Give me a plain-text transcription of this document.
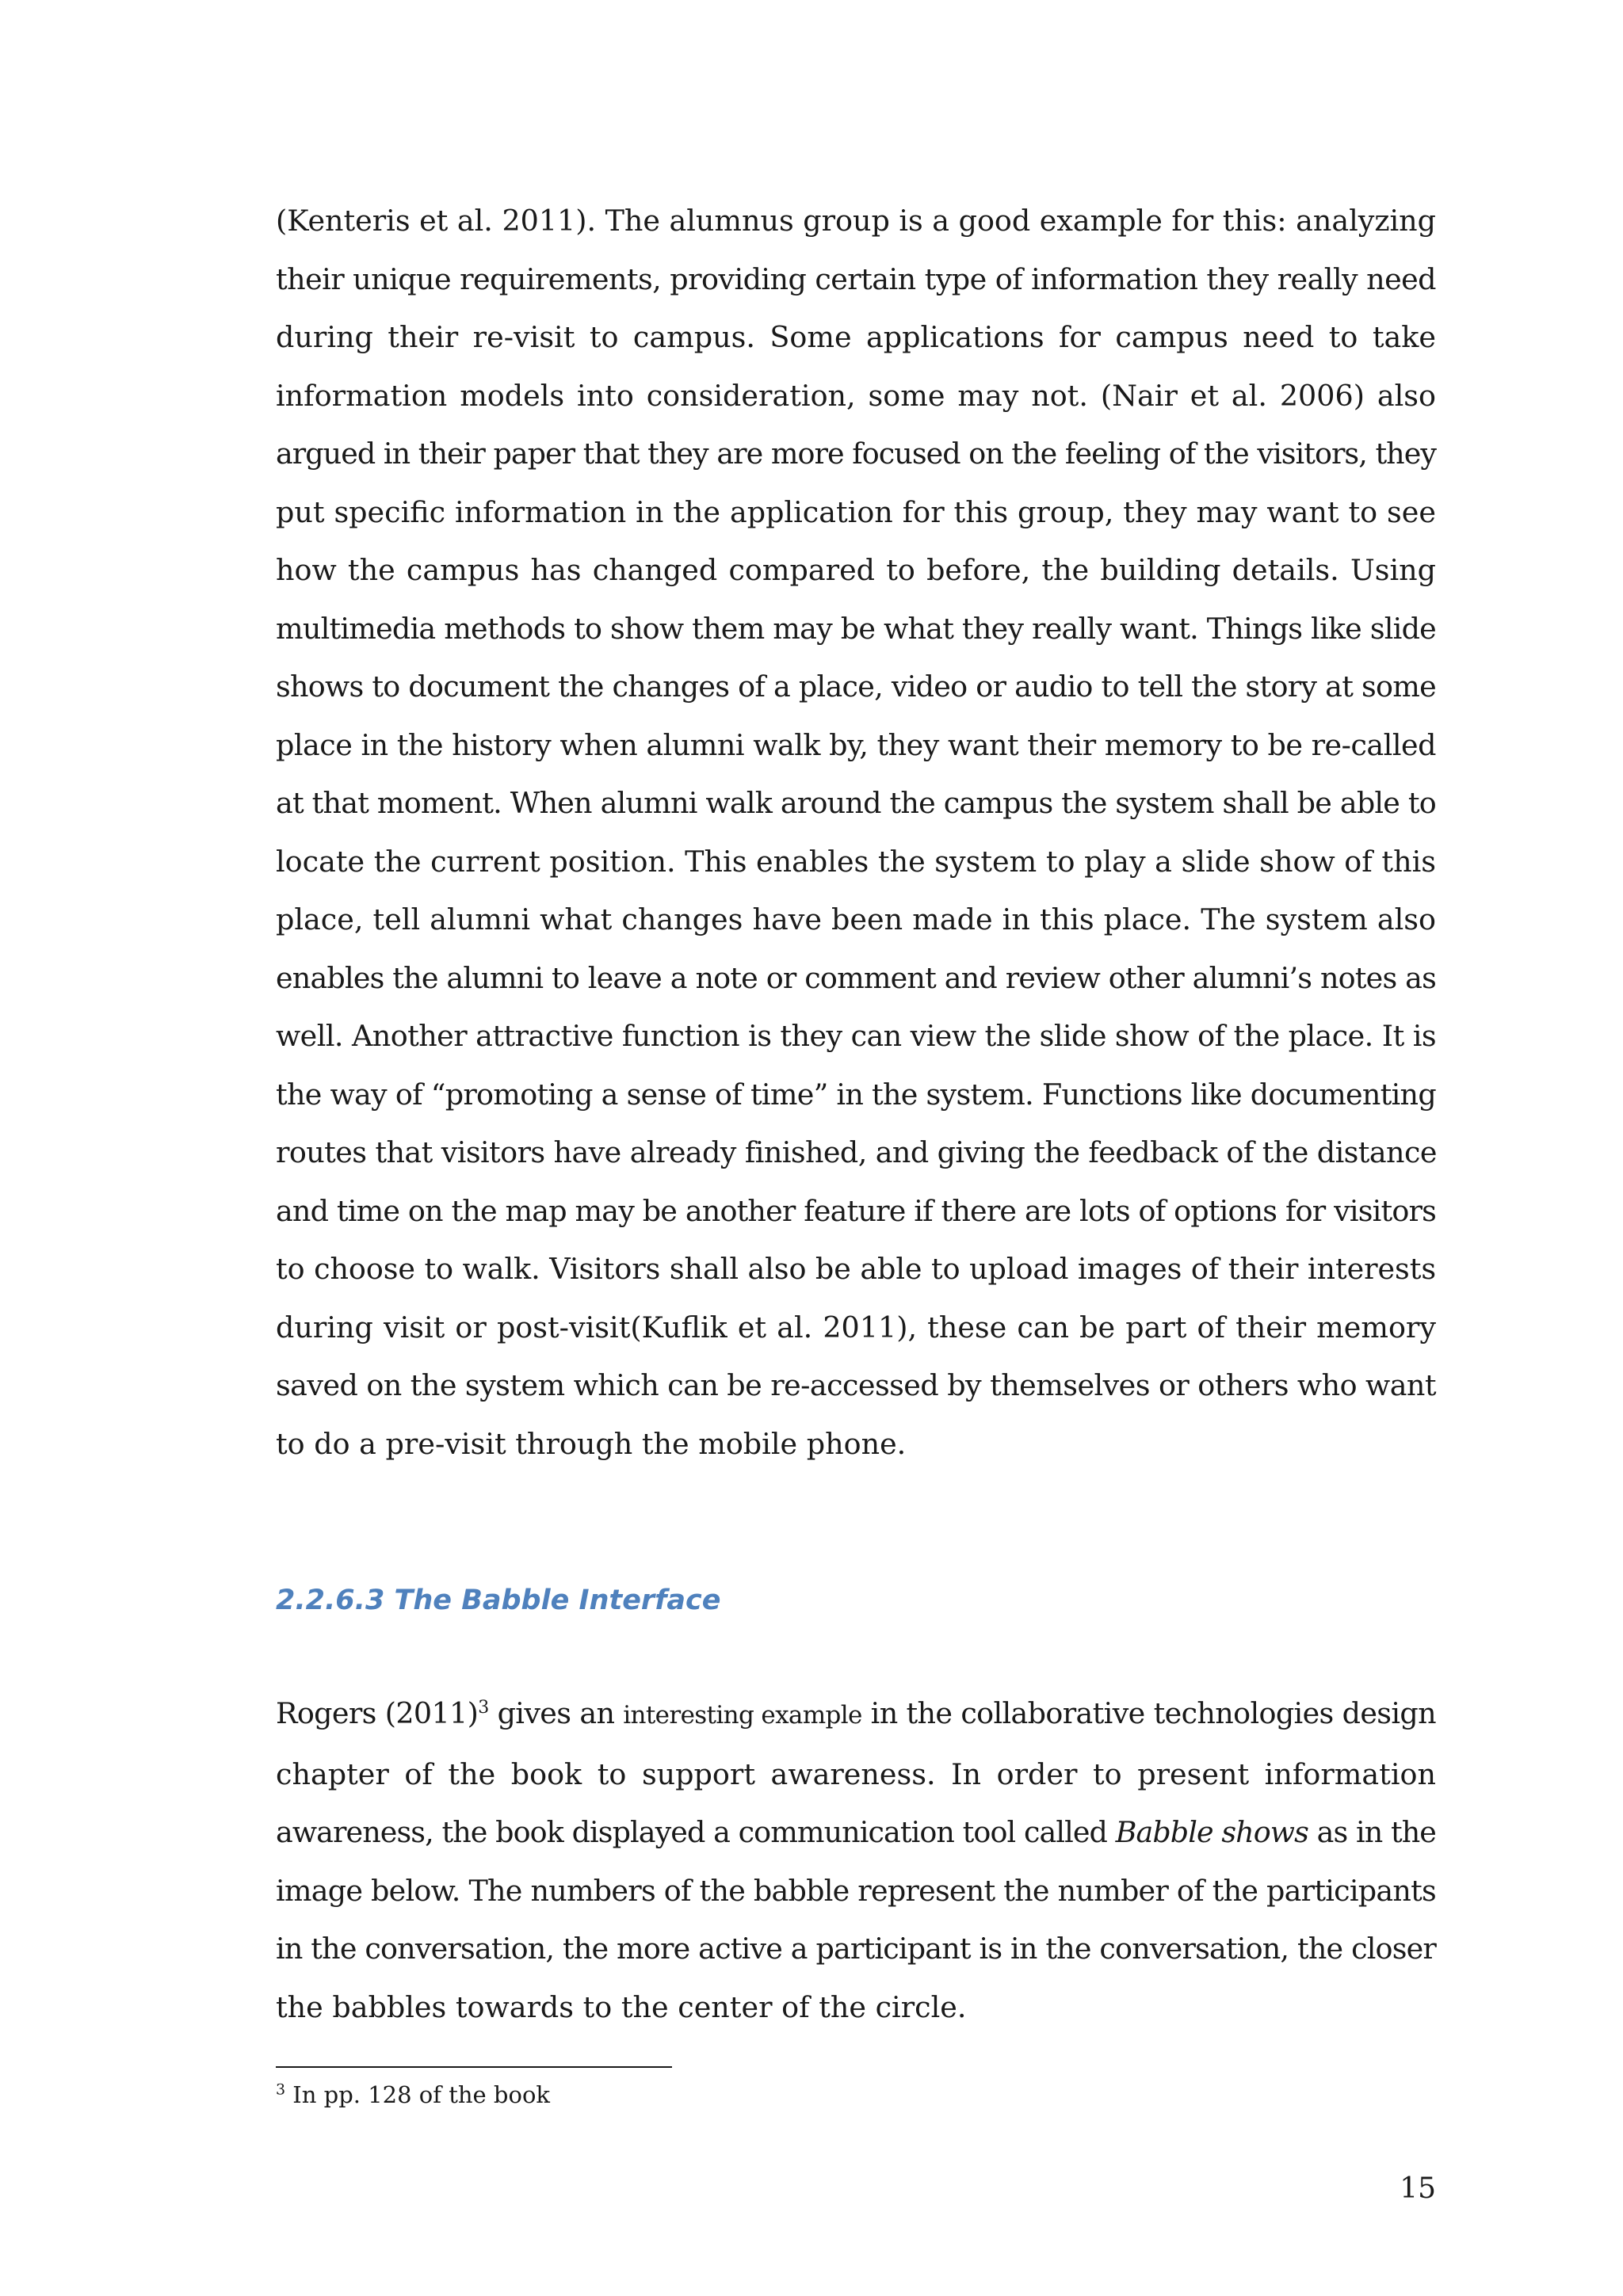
(Kenteris et al. 2011). The alumnus group is a good example for this: analyzing
their unique requirements, providing certain type of information they really need
during their re-visit to campus. Some applications for campus need to take
information models into consideration, some may not. (Nair et al. 2006) also
argued in their paper that they are more focused on the feeling of the visitors, they
put specific information in the application for this group, they may want to see
how the campus has changed compared to before, the building details. Using
multimedia methods to show them may be what they really want. Things like slide
shows to document the changes of a place, video or audio to tell the story at some
place in the history when alumni walk by, they want their memory to be re-called
at that moment. When alumni walk around the campus the system shall be able to
locate the current position. This enables the system to play a slide show of this
place, tell alumni what changes have been made in this place. The system also
enables the alumni to leave a note or comment and review other alumni’s notes as
well. Another attractive function is they can view the slide show of the place. It is
the way of “promoting a sense of time” in the system. Functions like documenting
routes that visitors have already finished, and giving the feedback of the distance
and time on the map may be another feature if there are lots of options for visitors
to choose to walk. Visitors shall also be able to upload images of their interests
during visit or post-visit(Kuflik et al. 2011), these can be part of their memory
saved on the system which can be re-accessed by themselves or others who want
to do a pre-visit through the mobile phone.
2.2.6.3 The Babble Interface
Rogers $(2011)^3$ gives an interesting example in the collaborative technologies design
chapter of the book to support awareness. In order to present information
awareness, the book displayed a communication tool called Babble shows as in the
image below. The numbers of the babble represent the number of the participants
in the conversation, the more active a participant is in the conversation, the closer
the babbles towards to the center of the circle.
$^3$ In pp. 128 of the book
15
